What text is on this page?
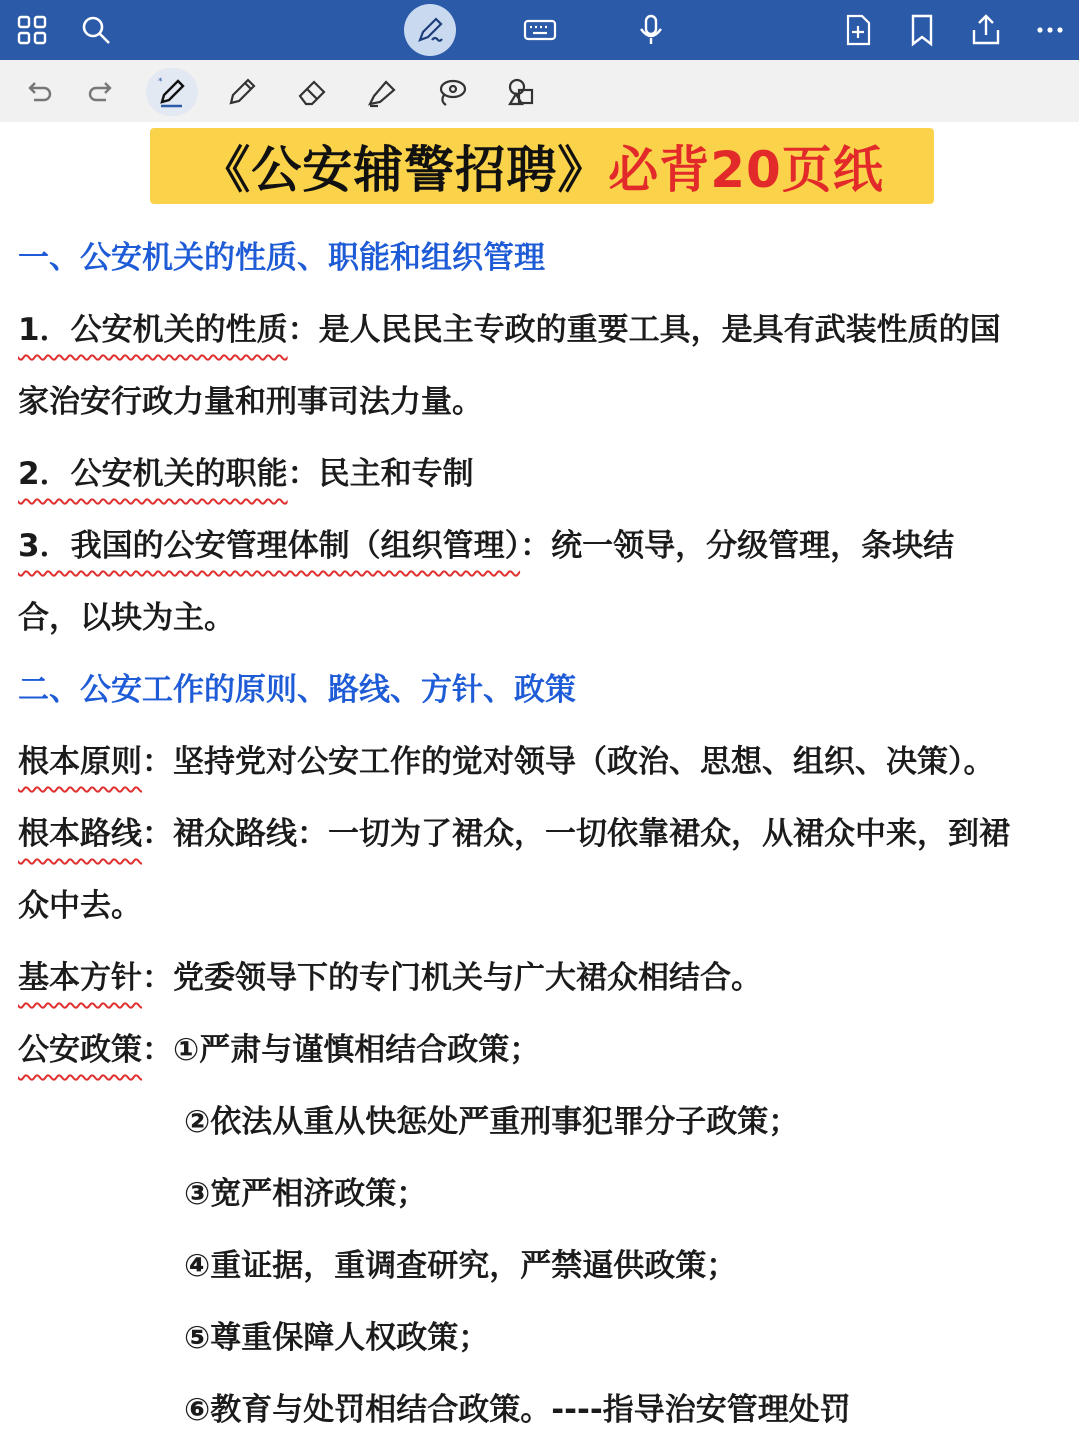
*
《公安辅警招聘》 必背20页纸
一、公安机关的性质、职能和组织管理
1．公安机关的性质：是人民民主专政的重要工具，是具有武装性质的国
家治安行政力量和刑事司法力量。
2．公安机关的职能：民主和专制
3．我国的公安管理体制（组织管理）：统一领导，分级管理，条块结
合，以块为主。
二、公安工作的原则、路线、方针、政策
根本原则：坚持党对公安工作的觉对领导（政治、思想、组织、决策）。
根本路线：裙众路线：一切为了裙众，一切依靠裙众，从裙众中来，到裙
众中去。
基本方针：党委领导下的专门机关与广大裙众相结合。
公安政策：①严肃与谨慎相结合政策；
②依法从重从快惩处严重刑事犯罪分子政策；
③宽严相济政策；
④重证据，重调查研究，严禁逼供政策；
⑤尊重保障人权政策；
⑥教育与处罚相结合政策。----指导治安管理处罚
